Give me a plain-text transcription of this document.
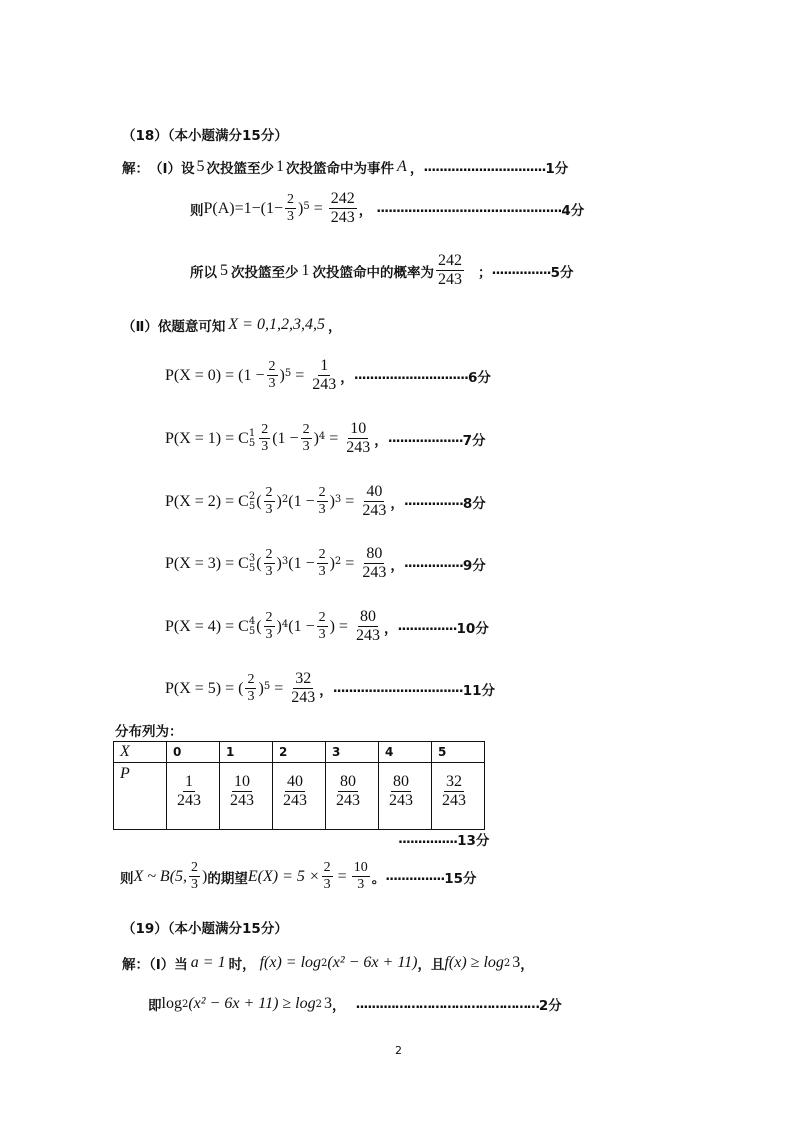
（18）（本小题满分15分）
解： （Ⅰ）设 5 次投篮至少 1 次投篮命中为事件 A ， ............................... 1分
则 $P(A)=1-(1- \frac{2}{3} )^5 = \frac{242}{243}$ ， ............................................... 4分
所以 5 次投篮至少 1 次投篮命中的概率为 $\frac{242}{243}$ ； ............... 5分
（Ⅱ）依题意可知 X = 0,1,2,3,4,5 ，
$P(X = 0) = (1 - \frac{2}{3} )^5 = \frac{1}{243}$ ， ............................. 6分
P(X = 1) = C 1
$5 \frac{2}{3} (1 - \frac{2}{3} )^4 = \frac{10}{243}$ ， ................... 7分
P(X = 2) = C 2
5 ( $\frac{2}{3} )^2$ $(1 - \frac{2}{3} )^3 = \frac{40}{243}$ ， ............... 8分
P(X = 3) = C 3
5 ( $\frac{2}{3} )^3$ $(1 - \frac{2}{3} )^2 = \frac{80}{243}$ ， ............... 9分
P(X = 4) = C 4
5 ( $\frac{2}{3} )^4$ ($1 - \frac{2}{3}$ ) = $\frac{80}{243}$ ， ............... 10分
P(X = 5) = ( $\frac{2}{3} )^5 = \frac{32}{243}$ ， ................................. 11分
分布列为：
X	0	1	2	3	4	5
P	$\frac{1}{243}$	$\frac{10}{243}$	$\frac{40}{243}$	$\frac{80}{243}$	$\frac{80}{243}$	$\frac{32}{243}$
............... 13分
则 X ~ B(5, $\frac{2}{3}$ ) 的期望 $E(X) = 5 \times \frac{2}{3} = \frac{10}{3}$ 。 ............... 15分
（19）（本小题满分15分）
解：（I）当 a = 1 时， f(x) = log 2 (x² − 6x + 11) ，且 f(x) ≥ log 2 3 ，
即 log 2 (x² − 6x + 11) ≥ log 2 3 ， ..........……………………………… 2分
2
